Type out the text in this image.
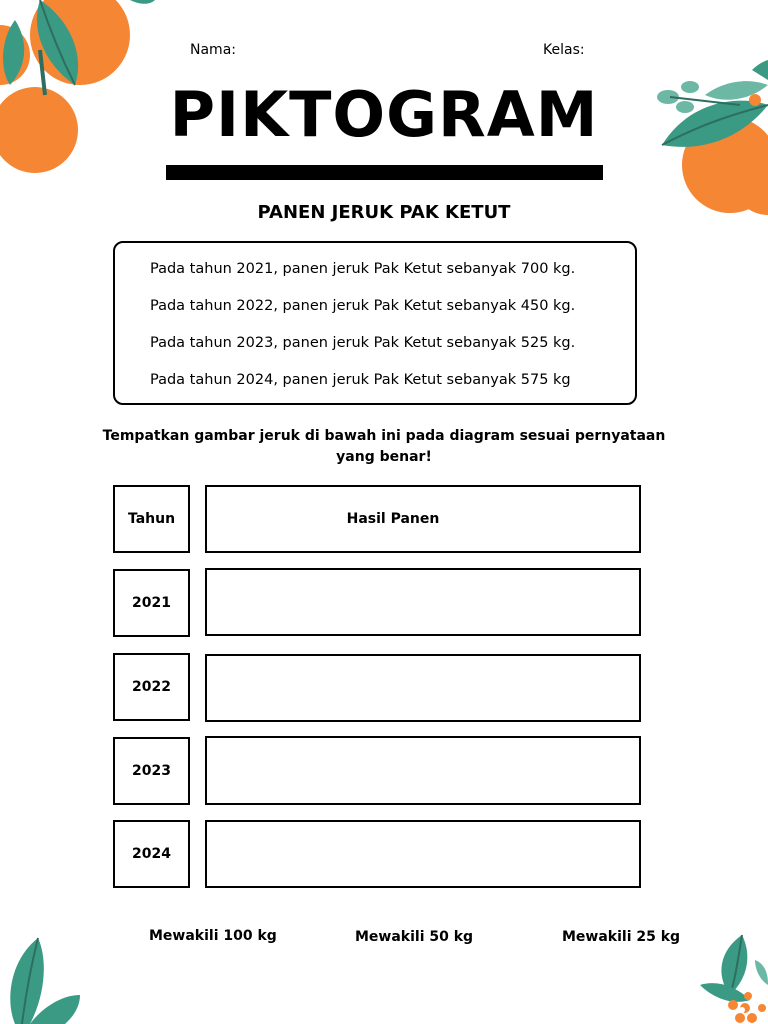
Nama:	Kelas:
PIKTOGRAM
PANEN JERUK PAK KETUT
Pada tahun 2021, panen jeruk Pak Ketut sebanyak 700 kg.
Pada tahun 2022, panen jeruk Pak Ketut sebanyak 450 kg.
Pada tahun 2023, panen jeruk Pak Ketut sebanyak 525 kg.
Pada tahun 2024, panen jeruk Pak Ketut sebanyak 575 kg
Tempatkan gambar jeruk di bawah ini pada diagram sesuai pernyataan
yang benar!
Tahun	Hasil Panen
2021
2022
2023
2024
Mewakili 100 kg	Mewakili 50 kg	Mewakili 25 kg
